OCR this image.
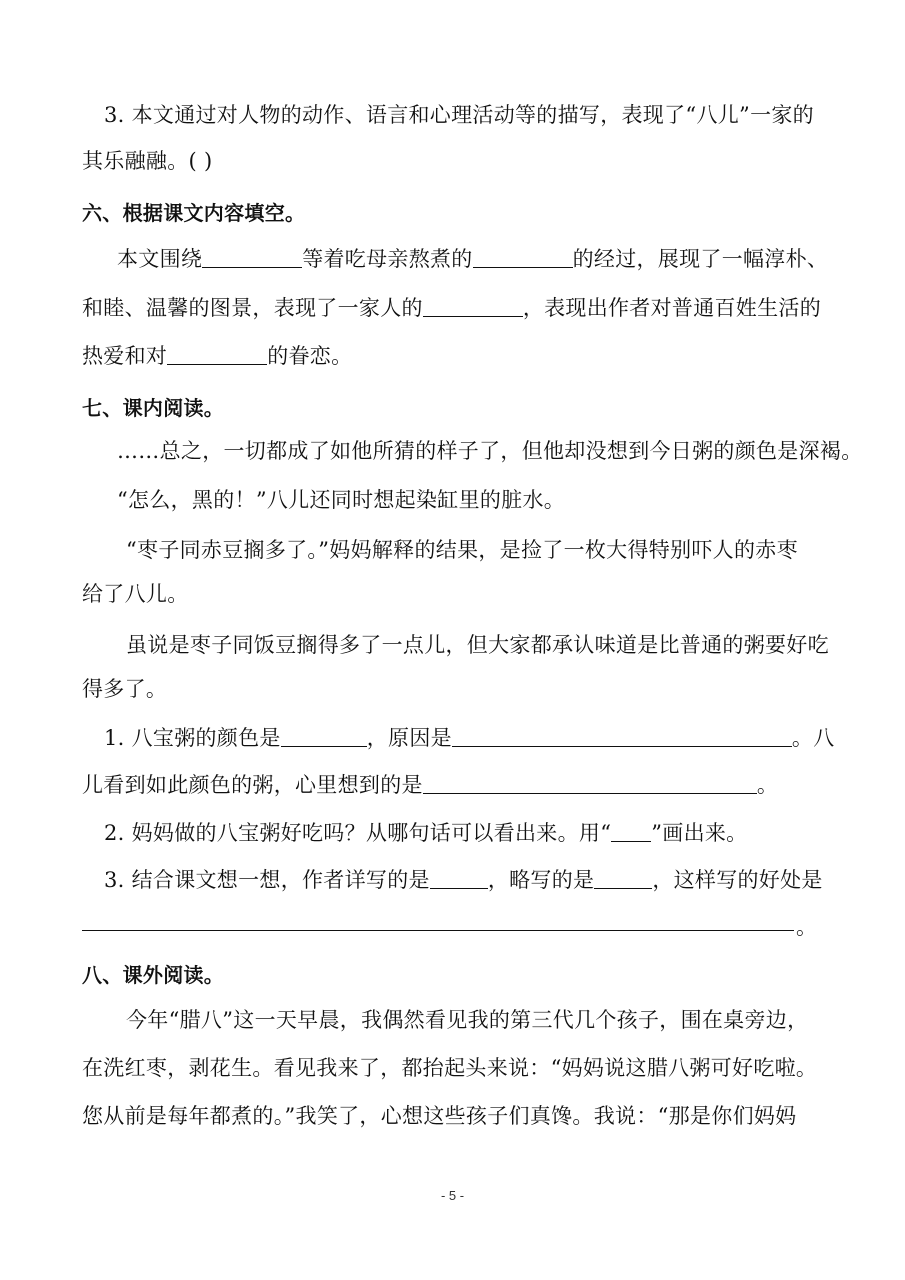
3. 本文通过对人物的动作、语言和心理活动等的描写，表现了“八儿”一家的
其乐融融。( )
六、根据课文内容填空。
本文围绕	等着吃母亲熬煮的	的经过，展现了一幅淳朴、
和睦、温馨的图景，表现了一家人的	，表现出作者对普通百姓生活的
热爱和对	的眷恋。
七、课内阅读。
……总之，一切都成了如他所猜的样子了，但他却没想到今日粥的颜色是深褐。
“怎么，黑的！”八儿还同时想起染缸里的脏水。
“枣子同赤豆搁多了。”妈妈解释的结果，是捡了一枚大得特别吓人的赤枣
给了八儿。
虽说是枣子同饭豆搁得多了一点儿，但大家都承认味道是比普通的粥要好吃
得多了。
1. 八宝粥的颜色是	，原因是	。八
儿看到如此颜色的粥，心里想到的是	。
2. 妈妈做的八宝粥好吃吗？从哪句话可以看出来。用“ ”画出来。
3. 结合课文想一想，作者详写的是	，略写的是	，这样写的好处是
。
八、课外阅读。
今年“腊八”这一天早晨，我偶然看见我的第三代几个孩子，围在桌旁边，
在洗红枣，剥花生。看见我来了，都抬起头来说：“妈妈说这腊八粥可好吃啦。
您从前是每年都煮的。”我笑了，心想这些孩子们真馋。我说：“那是你们妈妈
- 5 -
